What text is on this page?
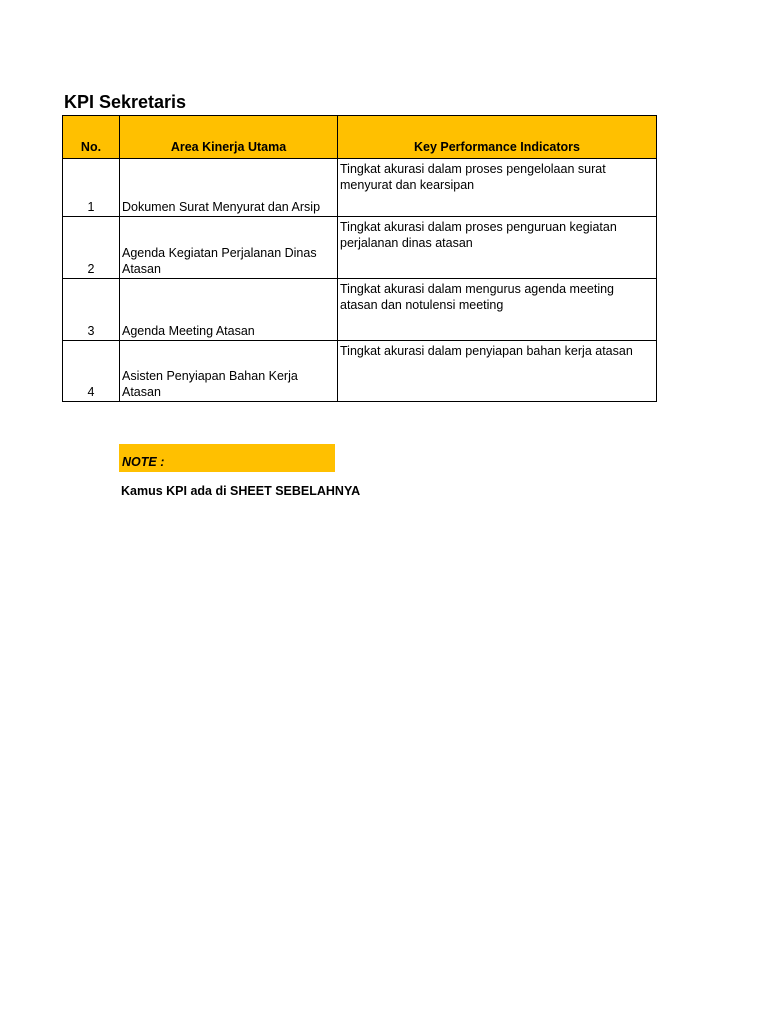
KPI Sekretaris
No.	Area Kinerja Utama	Key Performance Indicators
1	Dokumen Surat Menyurat dan Arsip	Tingkat akurasi dalam proses pengelolaan surat menyurat dan kearsipan
2	Agenda Kegiatan Perjalanan Dinas Atasan	Tingkat akurasi dalam proses penguruan kegiatan perjalanan dinas atasan
3	Agenda Meeting Atasan	Tingkat akurasi dalam mengurus agenda meeting atasan dan notulensi meeting
4	Asisten Penyiapan Bahan Kerja Atasan	Tingkat akurasi dalam penyiapan bahan kerja atasan
NOTE :
Kamus KPI ada di SHEET SEBELAHNYA
